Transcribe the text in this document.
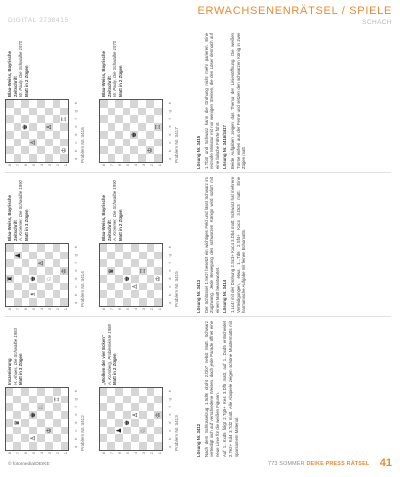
DIGITAL 2738415
ERWACHSENENRÄTSEL / SPIELE
SCHACH
8 7 6 5 4 3 2 1
♛
♙
♚
♘
♔
♖
a
b
c
d
e
f
g
h
Problem Nr. 3412
Inszenierung H. Ahues, Die Schwalbe 1983 Matt in 3 Zügen
8 7 6 5 4 3 2 1
♟
♚
♙
♘
♔
a
b
c
d
e
f
g
h
Problem Nr. 3413
„Wolken der vier Ecken“ A. Kornberg, Problemkiste 1988 Matt in 2 Zügen
Lösung Nr. 3412 Nach dem Schlüsselzug 1.Sd5! droht 2.Db7 nebst Matt. Schwarz verteidigt sich auf verschiedene Weisen, doch jede Parade öffnet eine neue Linie für die weißen Figuren. Auf 1...Kxd5 folgt 2.Tg5+ Ke4 3.Df5 matt, auf 1...Dxd5 entscheidet 2.Te2+ Kd4 3.Td2 matt. Alle Abspiele zeigen schöne Mustermatts mit sparsamem Material.
8 7 6 5 4 3 2 1
♜
♟
♗
♚
♙
♘
♔
a
b
c
d
e
f
g
h
Problem Nr. 3414
Blau-Weiss, Bayrische Zeitschrift A. Kroemer, Die Schwalbe 1990 Matt in 3 Zügen
8 7 6 5 4 3 2 1
♛
♚
♙
♖
♔
a
b
c
d
e
f
g
h
Problem Nr. 3415
Blau-Weiss, Bayrische Zeitschrift A. Kroemer, Die Schwalbe 1990 Matt in 2 Zügen
Lösung Nr. 3413 Der Schlüssel 1.Se2! besetzt ein wichtiges Feld und lässt Schwarz im Zugzwang. Jede Bewegung des schwarzen Königs wird sofort mit einem Matt beantwortet. Lösung Nr. 3414 1.Lc4! mit der Drohung 2.Sc3+ Kxc4 3.Db4 matt. Schwarz hat mehrere Verteidigungen, etwa 1...Td6 2.Sf4+ Kxc4 3.Dc3 matt. Eine harmonische Aufgabe mit feinen Echomatts.
8 7 6 5 4 3 2 1
♚
♙
♙
♔
♖
a
b
c
d
e
f
g
h
Problem Nr. 3416
Blau-Weiss, Bayrische Zeitschrift W. Pauly, Die Schwalbe 1970 Matt in 2 Zügen
8 7 6 5 4 3 2 1
♚
♔
♖
a
b
c
d
e
f
g
h
Problem Nr. 3417
Blau-Weiss, Bayrische Zeitschrift W. Pauly, Die Schwalbe 1970 Matt in 2 Zügen
Lösung Nr. 3415 1.Tb4! und Schwarz kann die Drohung nicht mehr parieren. Eine reizvolle Miniatur mit nur wenigen Steinen, die den Löser dennoch auf eine falsche Fährte führt. Lösung Nr. 3416/3417 Beide Aufgaben zeigen das Thema der Linienöffnung. Die weißen Türme wirken aus der Ferne und setzen den schwarzen König in zwei Zügen matt.
© fotomedia/DEIKE	773 SOMMER DEIKE PRESS RÄTSEL 41
